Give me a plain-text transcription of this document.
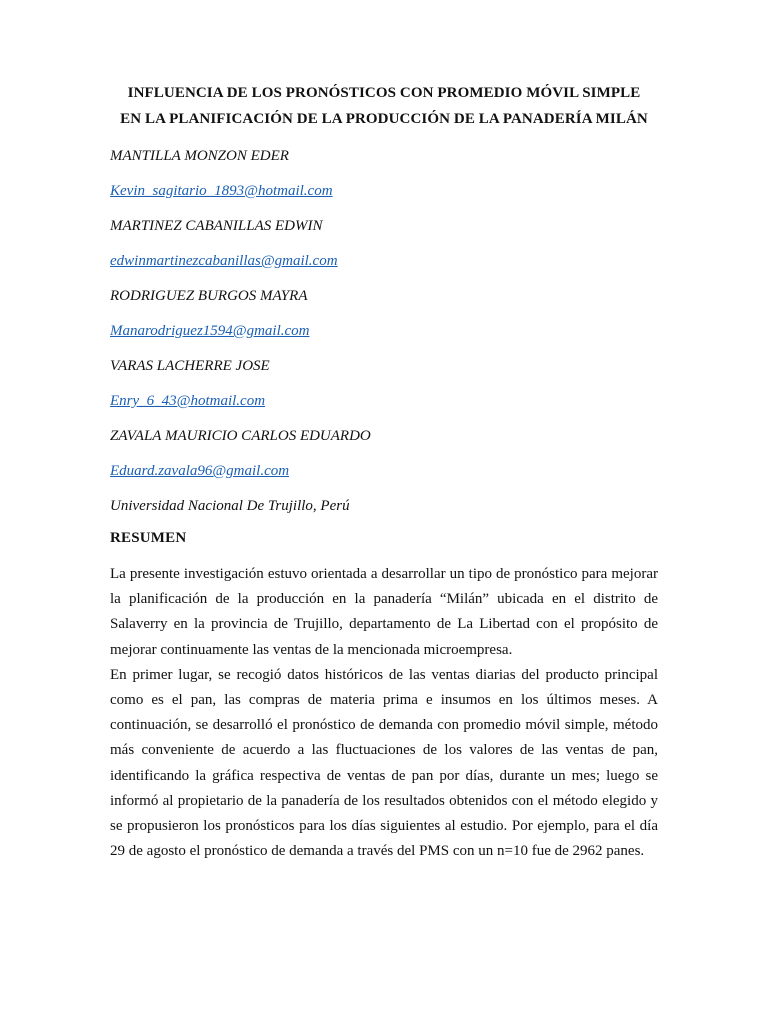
INFLUENCIA DE LOS PRONÓSTICOS CON PROMEDIO MÓVIL SIMPLE
EN LA PLANIFICACIÓN DE LA PRODUCCIÓN DE LA PANADERÍA MILÁN
MANTILLA MONZON EDER
Kevin_sagitario_1893@hotmail.com
MARTINEZ CABANILLAS EDWIN
edwinmartinezcabanillas@gmail.com
RODRIGUEZ BURGOS MAYRA
Manarodriguez1594@gmail.com
VARAS LACHERRE JOSE
Enry_6_43@hotmail.com
ZAVALA MAURICIO CARLOS EDUARDO
Eduard.zavala96@gmail.com
Universidad Nacional De Trujillo, Perú
RESUMEN

La presente investigación estuvo orientada a desarrollar un tipo de pronóstico para mejorar la planificación de la producción en la panadería “Milán” ubicada en el distrito de Salaverry en la provincia de Trujillo, departamento de La Libertad con el propósito de mejorar continuamente las ventas de la mencionada microempresa.

En primer lugar, se recogió datos históricos de las ventas diarias del producto principal como es el pan, las compras de materia prima e insumos en los últimos meses. A continuación, se desarrolló el pronóstico de demanda con promedio móvil simple, método más conveniente de acuerdo a las fluctuaciones de los valores de las ventas de pan, identificando la gráfica respectiva de ventas de pan por días, durante un mes; luego se informó al propietario de la panadería de los resultados obtenidos con el método elegido y se propusieron los pronósticos para los días siguientes al estudio. Por ejemplo, para el día 29 de agosto el pronóstico de demanda a través del PMS con un n=10 fue de 2962 panes.
